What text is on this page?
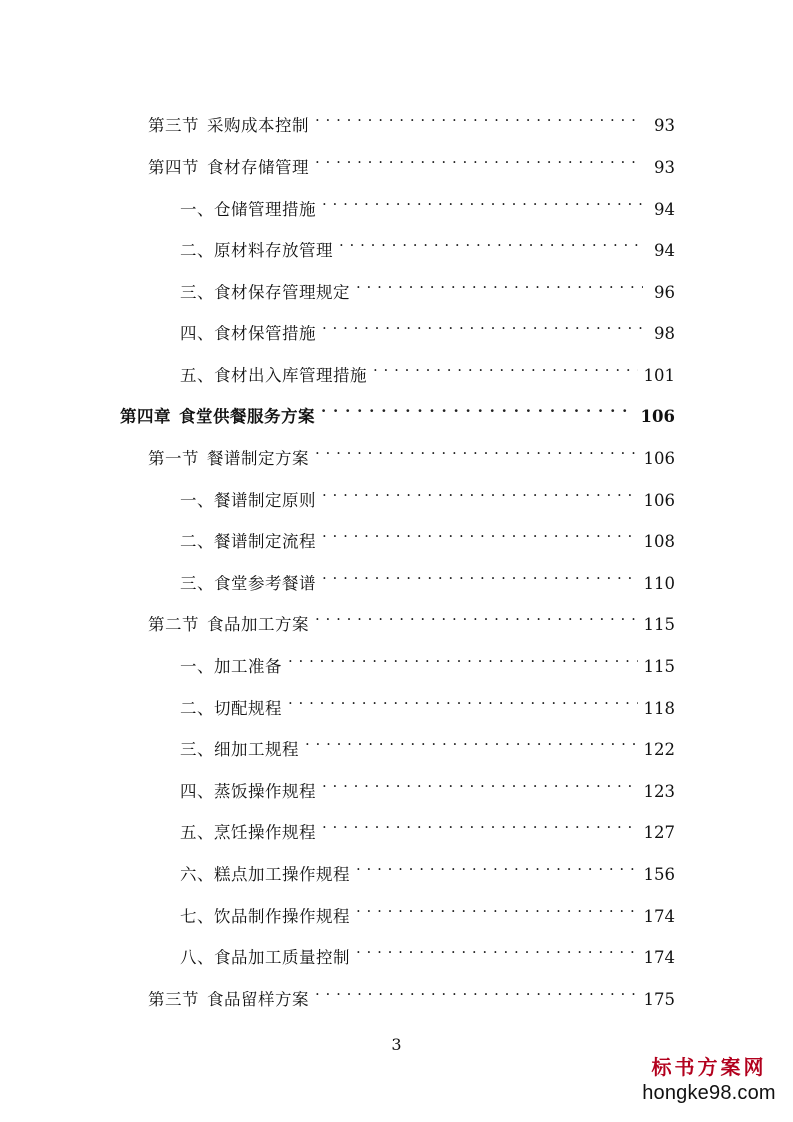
第三节 采购成本控制 . . .	93
第四节 食材存储管理 . . .	93
一、仓储管理措施 . . .	94
二、原材料存放管理 . . .	94
三、食材保存管理规定 . . .	96
四、食材保管措施 . . .	98
五、食材出入库管理措施 . . .	101
第四章 食堂供餐服务方案 . . .	106
第一节 餐谱制定方案 . . .	106
一、餐谱制定原则 . . .	106
二、餐谱制定流程 . . .	108
三、食堂参考餐谱 . . .	110
第二节 食品加工方案 . . .	115
一、加工准备 . . .	115
二、切配规程 . . .	118
三、细加工规程 . . .	122
四、蒸饭操作规程 . . .	123
五、烹饪操作规程 . . .	127
六、糕点加工操作规程 . . .	156
七、饮品制作操作规程 . . .	174
八、食品加工质量控制 . . .	174
第三节 食品留样方案 . . .	175
3
标书方案网
hongke98.com
